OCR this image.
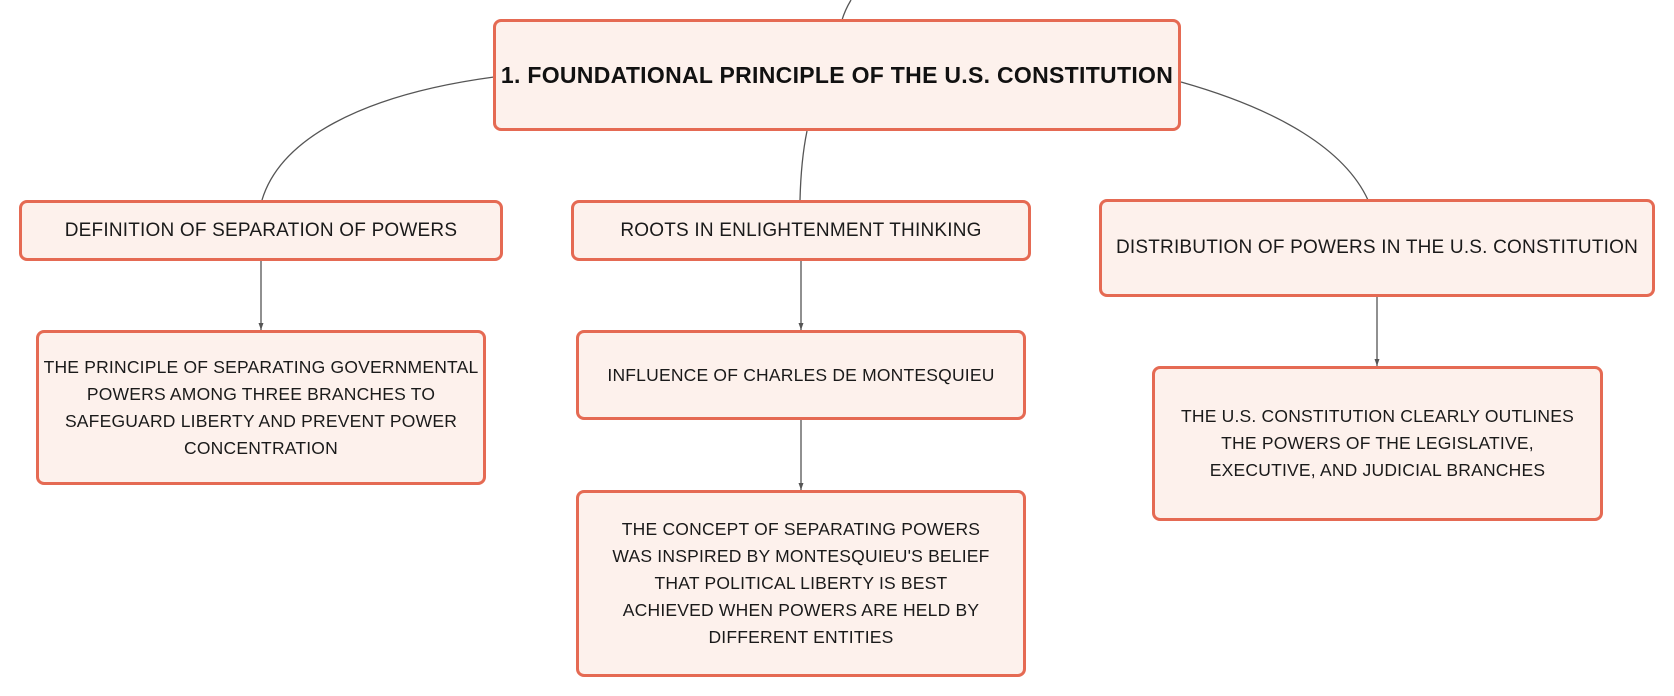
1. FOUNDATIONAL PRINCIPLE OF THE U.S. CONSTITUTION
DEFINITION OF SEPARATION OF POWERS	ROOTS IN ENLIGHTENMENT THINKING
DISTRIBUTION OF POWERS IN THE U.S. CONSTITUTION
THE PRINCIPLE OF SEPARATING GOVERNMENTAL POWERS AMONG THREE BRANCHES TO SAFEGUARD LIBERTY AND PREVENT POWER CONCENTRATION
INFLUENCE OF CHARLES DE MONTESQUIEU
THE CONCEPT OF SEPARATING POWERS WAS INSPIRED BY MONTESQUIEU'S BELIEF THAT POLITICAL LIBERTY IS BEST ACHIEVED WHEN POWERS ARE HELD BY DIFFERENT ENTITIES
THE U.S. CONSTITUTION CLEARLY OUTLINES THE POWERS OF THE LEGISLATIVE, EXECUTIVE, AND JUDICIAL BRANCHES
